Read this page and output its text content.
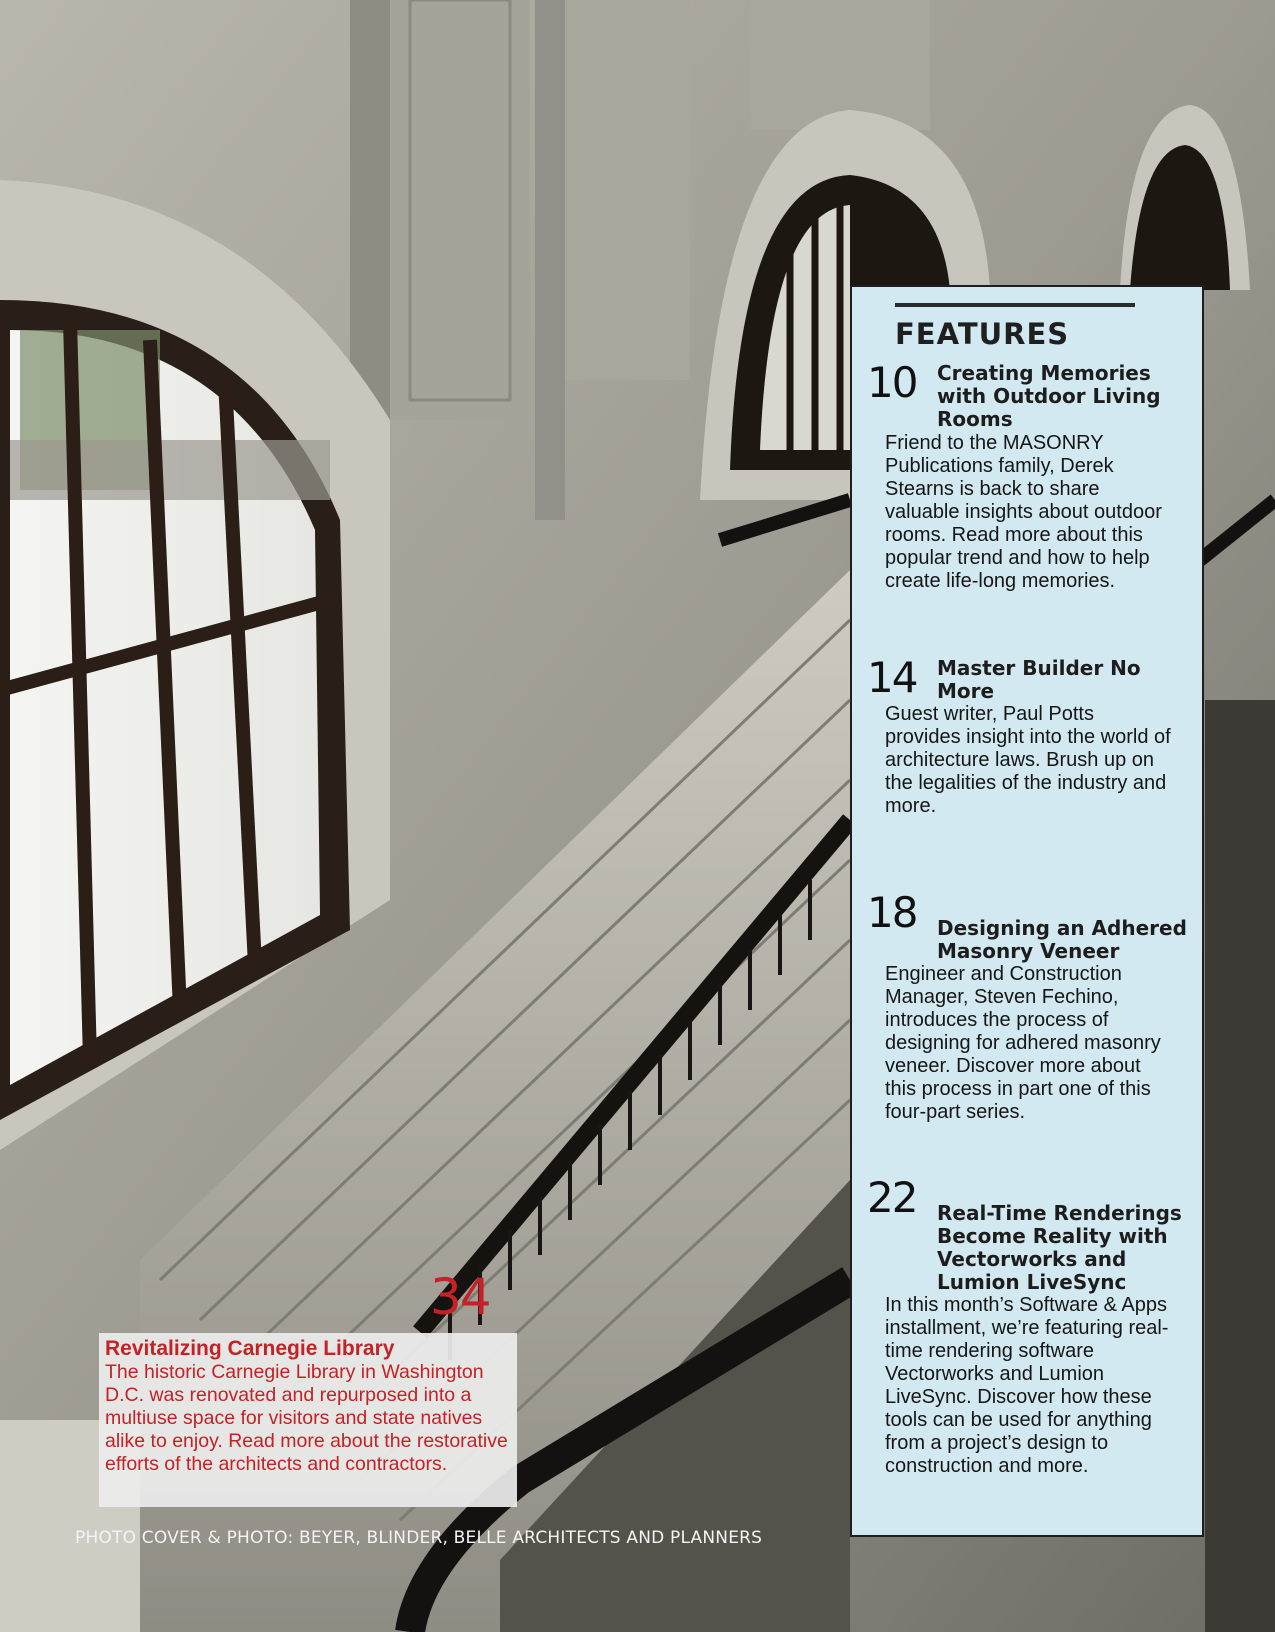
FEATURES
10 Creating Memories with Outdoor Living Rooms
Friend to the MASONRY Publications family, Derek Stearns is back to share valuable insights about outdoor rooms. Read more about this popular trend and how to help create life-long memories.
14 Master Builder No More
Guest writer, Paul Potts provides insight into the world of architecture laws. Brush up on the legalities of the industry and more.
18 Designing an Adhered Masonry Veneer
Engineer and Construction Manager, Steven Fechino, introduces the process of designing for adhered masonry veneer. Discover more about this process in part one of this four-part series.
22 Real-Time Renderings Become Reality with Vectorworks and Lumion LiveSync
In this month’s Software & Apps installment, we’re featuring real-time rendering software Vectorworks and Lumion LiveSync. Discover how these tools can be used for anything from a project’s design to construction and more.
34
Revitalizing Carnegie Library
The historic Carnegie Library in Washington D.C. was renovated and repurposed into a multiuse space for visitors and state natives alike to enjoy. Read more about the restorative efforts of the architects and contractors.
PHOTO COVER & PHOTO: BEYER, BLINDER, BELLE ARCHITECTS AND PLANNERS
